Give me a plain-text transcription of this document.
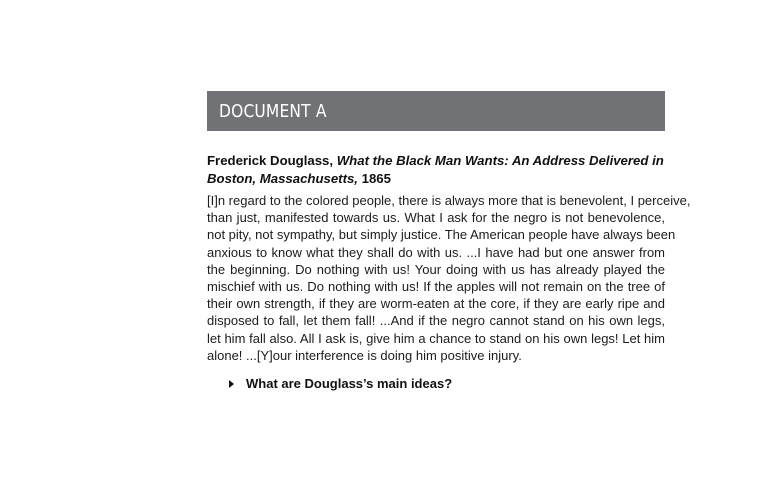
DOCUMENT A
Frederick Douglass, What the Black Man Wants: An Address Delivered in Boston, Massachusetts, 1865
[I]n regard to the colored people, there is always more that is benevolent, I perceive,
than just, manifested towards us. What I ask for the negro is not benevolence,
not pity, not sympathy, but simply justice. The American people have always been
anxious to know what they shall do with us. ...I have had but one answer from
the beginning. Do nothing with us! Your doing with us has already played the
mischief with us. Do nothing with us! If the apples will not remain on the tree of
their own strength, if they are worm-eaten at the core, if they are early ripe and
disposed to fall, let them fall! ...And if the negro cannot stand on his own legs,
let him fall also. All I ask is, give him a chance to stand on his own legs! Let him
alone! ...[Y]our interference is doing him positive injury.
What are Douglass’s main ideas?
